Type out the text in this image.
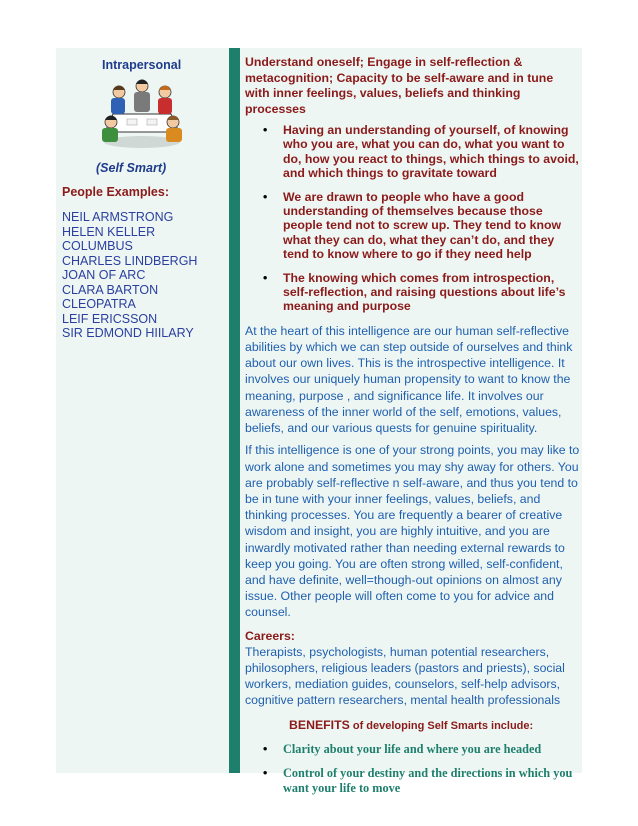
Intrapersonal
(Self Smart)
People Examples:
NEIL ARMSTRONG
HELEN KELLER
COLUMBUS
CHARLES LINDBERGH
JOAN OF ARC
CLARA BARTON
CLEOPATRA
LEIF ERICSSON
SIR EDMOND HIILARY

Understand oneself; Engage in self-reflection & metacognition; Capacity to be self-aware and in tune with inner feelings, values, beliefs and thinking processes

• Having an understanding of yourself, of knowing who you are, what you can do, what you want to do, how you react to things, which things to avoid, and which things to gravitate toward
• We are drawn to people who have a good understanding of themselves because those people tend not to screw up. They tend to know what they can do, what they can’t do, and they tend to know where to go if they need help
• The knowing which comes from introspection, self-reflection, and raising questions about life’s meaning and purpose

At the heart of this intelligence are our human self-reflective abilities by which we can step outside of ourselves and think about our own lives. This is the introspective intelligence. It involves our uniquely human propensity to want to know the meaning, purpose , and significance life. It involves our awareness of the inner world of the self, emotions, values, beliefs, and our various quests for genuine spirituality.

If this intelligence is one of your strong points, you may like to work alone and sometimes you may shy away for others. You are probably self-reflective n self-aware, and thus you tend to be in tune with your inner feelings, values, beliefs, and thinking processes. You are frequently a bearer of creative wisdom and insight, you are highly intuitive, and you are inwardly motivated rather than needing external rewards to keep you going. You are often strong willed, self-confident, and have definite, well=though-out opinions on almost any issue. Other people will often come to you for advice and counsel.

Careers:

Therapists, psychologists, human potential researchers, philosophers, religious leaders (pastors and priests), social workers, mediation guides, counselors, self-help advisors, cognitive pattern researchers, mental health professionals

BENEFITS of developing Self Smarts include:

• Clarity about your life and where you are headed
• Control of your destiny and the directions in which you want your life to move
